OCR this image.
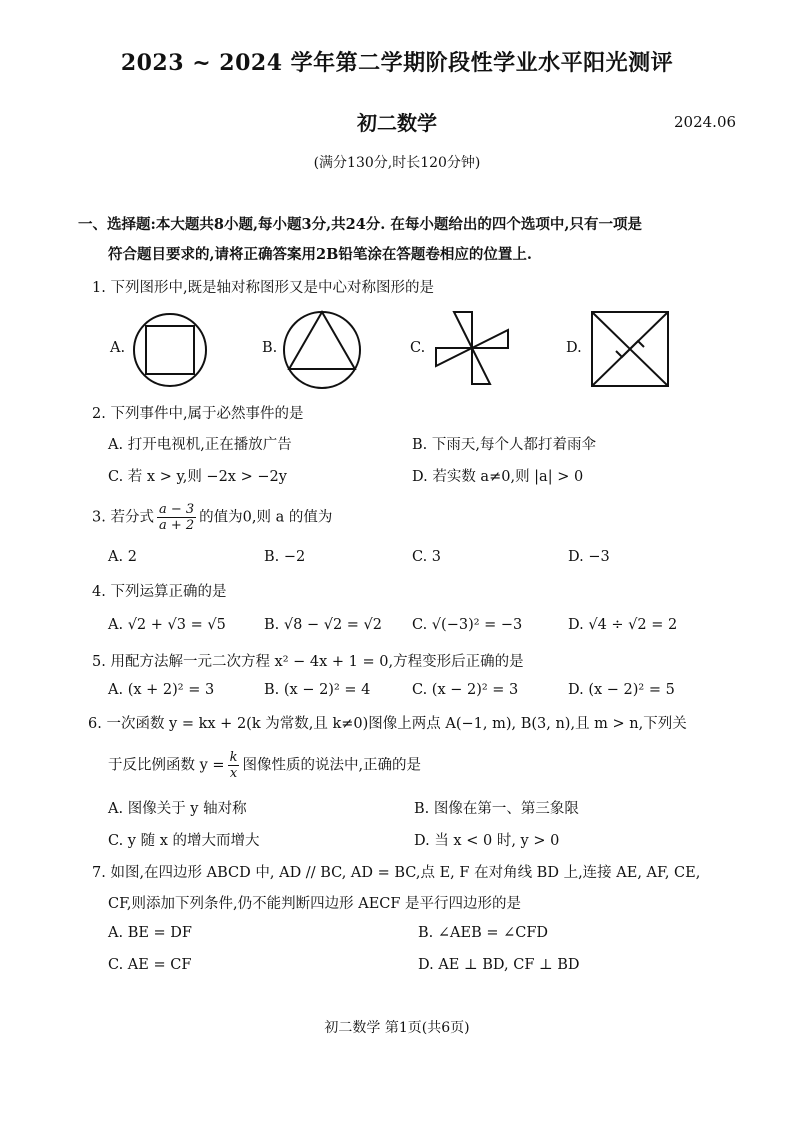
2023 ~ 2024 学年第二学期阶段性学业水平阳光测评
初二数学	2024.06
(满分130分,时长120分钟)
一、选择题:本大题共8小题,每小题3分,共24分. 在每小题给出的四个选项中,只有一项是
符合题目要求的,请将正确答案用2B铅笔涂在答题卷相应的位置上.
1. 下列图形中,既是轴对称图形又是中心对称图形的是
A.	B.	C.	D.
2. 下列事件中,属于必然事件的是
A. 打开电视机,正在播放广告	B. 下雨天,每个人都打着雨伞
C. 若 x > y,则 −2x > −2y	D. 若实数 a≠0,则 |a| > 0
3. 若分式 $\frac{a - 3}{a + 2}$ 的值为0,则 a 的值为
A. 2	B. −2	C. 3	D. −3
4. 下列运算正确的是
A. √2 + √3 = √5	B. √8 − √2 = √2 C. √(−3)² = −3	D. √4 ÷ √2 = 2
5. 用配方法解一元二次方程 x² − 4x + 1 = 0,方程变形后正确的是
A. (x + 2)² = 3	B. (x − 2)² = 4	C. (x − 2)² = 3	D. (x − 2)² = 5
6. 一次函数 y = kx + 2(k 为常数,且 k≠0)图像上两点 A(−1, m), B(3, n),且 m > n,下列关
于反比例函数 $y = \frac{k}{x}$ 图像性质的说法中,正确的是
A. 图像关于 y 轴对称	B. 图像在第一、第三象限
C. y 随 x 的增大而增大	D. 当 x < 0 时, y > 0
7. 如图,在四边形 ABCD 中, AD // BC, AD = BC,点 E, F 在对角线 BD 上,连接 AE, AF, CE,
CF,则添加下列条件,仍不能判断四边形 AECF 是平行四边形的是
A. BE = DF	B. ∠AEB = ∠CFD
C. AE = CF	D. AE ⊥ BD, CF ⊥ BD
初二数学 第1页(共6页)
